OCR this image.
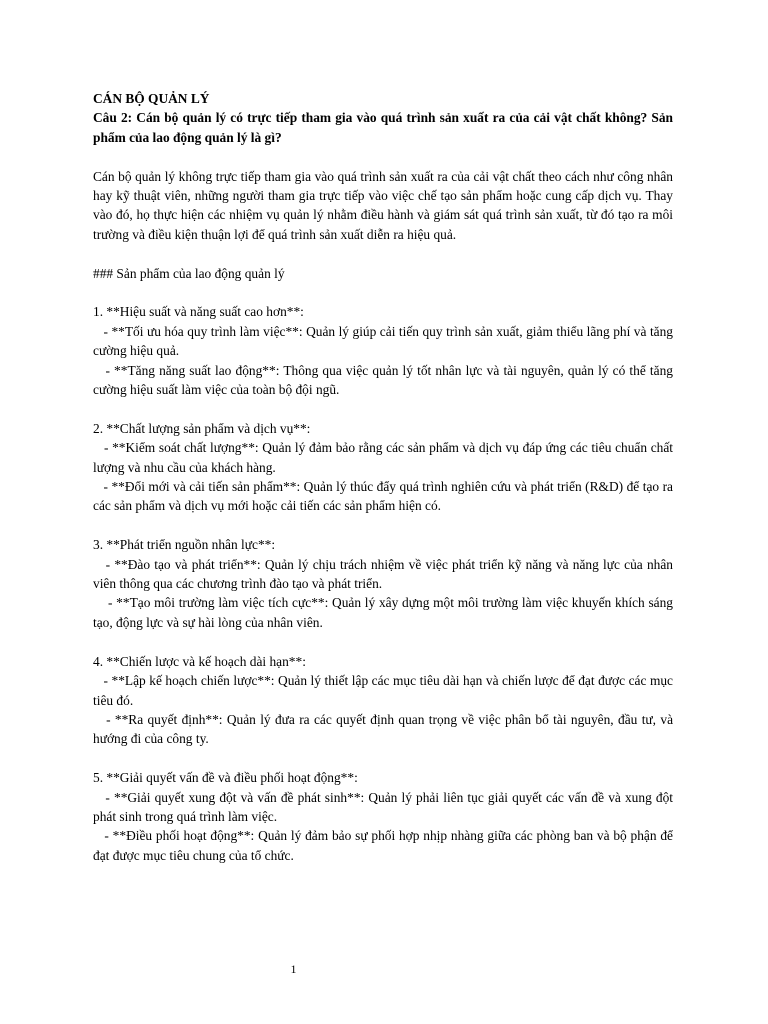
CÁN BỘ QUẢN LÝ
Câu 2: Cán bộ quản lý có trực tiếp tham gia vào quá trình sản xuất ra của cải vật chất không? Sản phẩm của lao động quản lý là gì?
Cán bộ quản lý không trực tiếp tham gia vào quá trình sản xuất ra của cải vật chất theo cách như công nhân hay kỹ thuật viên, những người tham gia trực tiếp vào việc chế tạo sản phẩm hoặc cung cấp dịch vụ. Thay vào đó, họ thực hiện các nhiệm vụ quản lý nhằm điều hành và giám sát quá trình sản xuất, từ đó tạo ra môi trường và điều kiện thuận lợi để quá trình sản xuất diễn ra hiệu quả.
### Sản phẩm của lao động quản lý
1. **Hiệu suất và năng suất cao hơn**:
- **Tối ưu hóa quy trình làm việc**: Quản lý giúp cải tiến quy trình sản xuất, giảm thiểu lãng phí và tăng cường hiệu quả.
- **Tăng năng suất lao động**: Thông qua việc quản lý tốt nhân lực và tài nguyên, quản lý có thể tăng cường hiệu suất làm việc của toàn bộ đội ngũ.
2. **Chất lượng sản phẩm và dịch vụ**:
- **Kiểm soát chất lượng**: Quản lý đảm bảo rằng các sản phẩm và dịch vụ đáp ứng các tiêu chuẩn chất lượng và nhu cầu của khách hàng.
- **Đổi mới và cải tiến sản phẩm**: Quản lý thúc đẩy quá trình nghiên cứu và phát triển (R&D) để tạo ra các sản phẩm và dịch vụ mới hoặc cải tiến các sản phẩm hiện có.
3. **Phát triển nguồn nhân lực**:
- **Đào tạo và phát triển**: Quản lý chịu trách nhiệm về việc phát triển kỹ năng và năng lực của nhân viên thông qua các chương trình đào tạo và phát triển.
- **Tạo môi trường làm việc tích cực**: Quản lý xây dựng một môi trường làm việc khuyến khích sáng tạo, động lực và sự hài lòng của nhân viên.
4. **Chiến lược và kế hoạch dài hạn**:
- **Lập kế hoạch chiến lược**: Quản lý thiết lập các mục tiêu dài hạn và chiến lược để đạt được các mục tiêu đó.
- **Ra quyết định**: Quản lý đưa ra các quyết định quan trọng về việc phân bổ tài nguyên, đầu tư, và hướng đi của công ty.
5. **Giải quyết vấn đề và điều phối hoạt động**:
- **Giải quyết xung đột và vấn đề phát sinh**: Quản lý phải liên tục giải quyết các vấn đề và xung đột phát sinh trong quá trình làm việc.
- **Điều phối hoạt động**: Quản lý đảm bảo sự phối hợp nhịp nhàng giữa các phòng ban và bộ phận để đạt được mục tiêu chung của tổ chức.
1
